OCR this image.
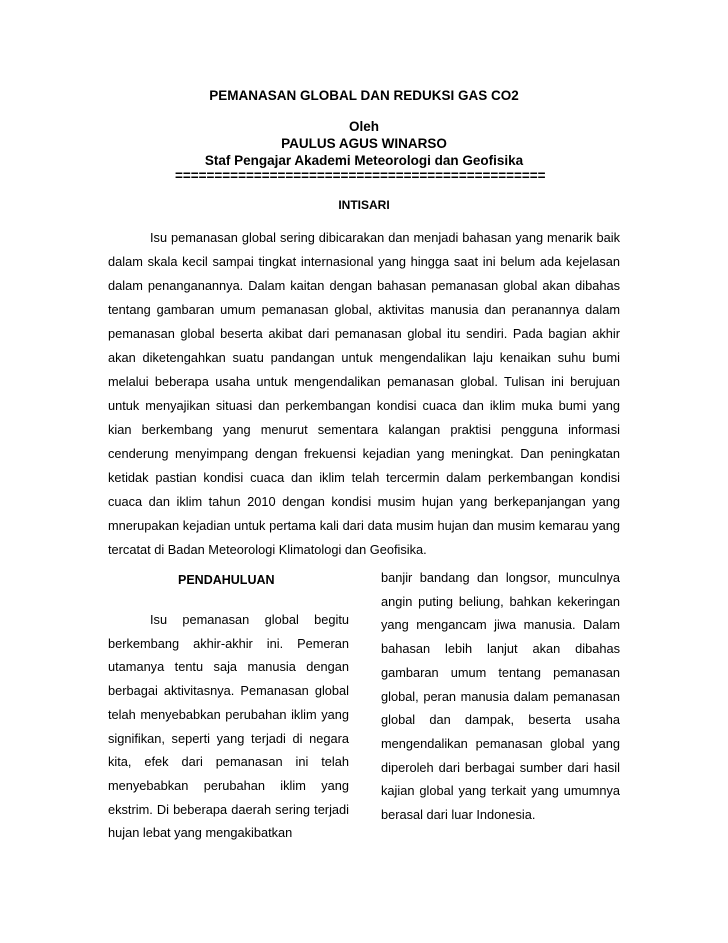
PEMANASAN GLOBAL DAN REDUKSI GAS CO2
Oleh
PAULUS AGUS WINARSO
Staf Pengajar Akademi Meteorologi dan Geofisika
===============================================
INTISARI

Isu pemanasan global sering dibicarakan dan menjadi bahasan yang menarik baik dalam skala kecil sampai tingkat internasional yang hingga saat ini belum ada kejelasan dalam penanganannya. Dalam kaitan dengan bahasan pemanasan global akan dibahas tentang gambaran umum pemanasan global, aktivitas manusia dan peranannya dalam pemanasan global beserta akibat dari pemanasan global itu sendiri. Pada bagian akhir akan diketengahkan suatu pandangan untuk mengendalikan laju kenaikan suhu bumi melalui beberapa usaha untuk mengendalikan pemanasan global. Tulisan ini berujuan untuk menyajikan situasi dan perkembangan kondisi cuaca dan iklim muka bumi yang kian berkembang yang menurut sementara kalangan praktisi pengguna informasi cenderung menyimpang dengan frekuensi kejadian yang meningkat. Dan peningkatan ketidak pastian kondisi cuaca dan iklim telah tercermin dalam perkembangan kondisi cuaca dan iklim tahun 2010 dengan kondisi musim hujan yang berkepanjangan yang mnerupakan kejadian untuk pertama kali dari data musim hujan dan musim kemarau yang tercatat di Badan Meteorologi Klimatologi dan Geofisika.

PENDAHULUAN

Isu pemanasan global begitu berkembang akhir-akhir ini. Pemeran utamanya tentu saja manusia dengan berbagai aktivitasnya. Pemanasan global telah menyebabkan perubahan iklim yang signifikan, seperti yang terjadi di negara kita, efek dari pemanasan ini telah menyebabkan perubahan iklim yang ekstrim. Di beberapa daerah sering terjadi hujan lebat yang mengakibatkan

banjir bandang dan longsor, munculnya angin puting beliung, bahkan kekeringan yang mengancam jiwa manusia. Dalam bahasan lebih lanjut akan dibahas gambaran umum tentang pemanasan global, peran manusia dalam pemanasan global dan dampak, beserta usaha mengendalikan pemanasan global yang diperoleh dari berbagai sumber dari hasil kajian global yang terkait yang umumnya berasal dari luar Indonesia.
